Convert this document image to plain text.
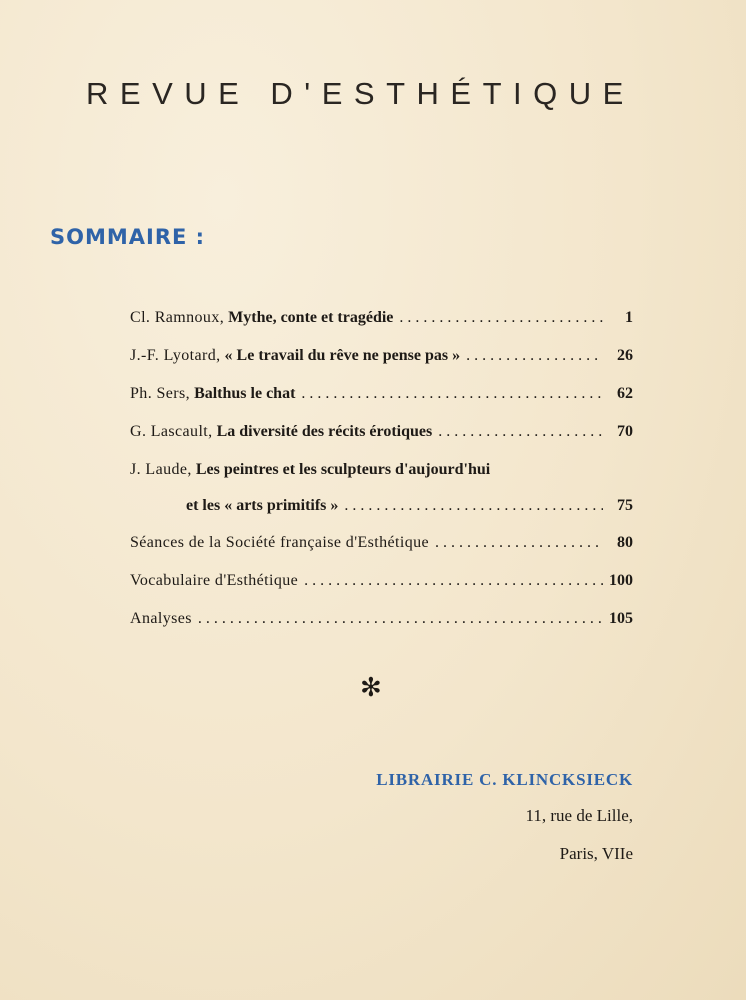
REVUE D'ESTHÉTIQUE
SOMMAIRE :
Cl. Ramnoux, Mythe, conte et tragédie . . .	1
J.-F. Lyotard, « Le travail du rêve ne pense pas » . . .	26
Ph. Sers, Balthus le chat . . .	62
G. Lascault, La diversité des récits érotiques . . .	70
J. Laude, Les peintres et les sculpteurs d'aujourd'hui
et les « arts primitifs » . . .	75
Séances de la Société française d'Esthétique . . .	80
Vocabulaire d'Esthétique . . .	100
Analyses . . .	105
✻
LIBRAIRIE C. KLINCKSIECK
11, rue de Lille,
Paris, VIIe
